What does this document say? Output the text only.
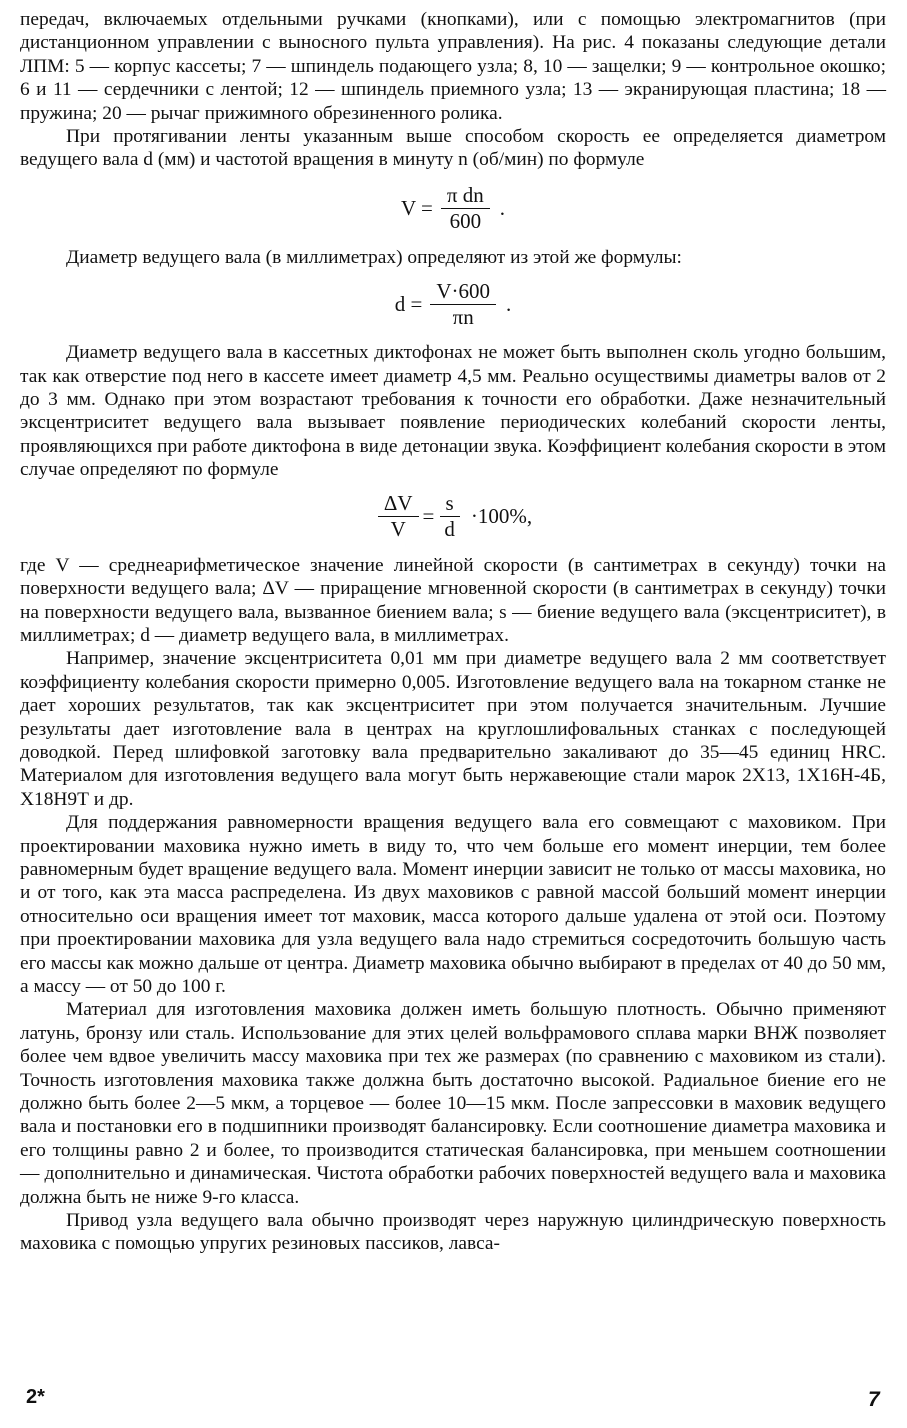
передач, включаемых отдельными ручками (кнопками), или с помощью электромагнитов (при дистанционном управлении с выносного пульта управления). На рис. 4 показаны следующие детали ЛПМ: 5 — корпус кассеты; 7 — шпиндель подающего узла; 8, 10 — защелки; 9 — контрольное окошко; 6 и 11 — сердечники с лентой; 12 — шпиндель приемного узла; 13 — экранирующая пластина; 18 — пружина; 20 — рычаг прижимного обрезиненного ролика.

При протягивании ленты указанным выше способом скорость ее определяется диаметром ведущего вала d (мм) и частотой вращения в минуту n (об/мин) по формуле

$V = \frac{\text{π dn}}{600}$ .

Диаметр ведущего вала (в миллиметрах) определяют из этой же формулы:

$d = \frac{V\cdot 600}{\pi n}$ .

Диаметр ведущего вала в кассетных диктофонах не может быть выполнен сколь угодно большим, так как отверстие под него в кассете имеет диаметр 4,5 мм. Реально осуществимы диаметры валов от 2 до 3 мм. Однако при этом возрастают требования к точности его обработки. Даже незначительный эксцентриситет ведущего вала вызывает появление периодических колебаний скорости ленты, проявляющихся при работе диктофона в виде детонации звука. Коэффициент колебания скорости в этом случае определяют по формуле

$\frac{\Delta V}{V} = \frac{s}{d} \cdot 100\%$,

где V — среднеарифметическое значение линейной скорости (в сантиметрах в секунду) точки на поверхности ведущего вала; ΔV — приращение мгновенной скорости (в сантиметрах в секунду) точки на поверхности ведущего вала, вызванное биением вала; s — биение ведущего вала (эксцентриситет), в миллиметрах; d — диаметр ведущего вала, в миллиметрах.

Например, значение эксцентриситета 0,01 мм при диаметре ведущего вала 2 мм соответствует коэффициенту колебания скорости примерно 0,005. Изготовление ведущего вала на токарном станке не дает хороших результатов, так как эксцентриситет при этом получается значительным. Лучшие результаты дает изготовление вала в центрах на круглошлифовальных станках с последующей доводкой. Перед шлифовкой заготовку вала предварительно закаливают до 35—45 единиц HRC. Материалом для изготовления ведущего вала могут быть нержавеющие стали марок 2Х13, 1Х16Н-4Б, Х18Н9Т и др.

Для поддержания равномерности вращения ведущего вала его совмещают с маховиком. При проектировании маховика нужно иметь в виду то, что чем больше его момент инерции, тем более равномерным будет вращение ведущего вала. Момент инерции зависит не только от массы маховика, но и от того, как эта масса распределена. Из двух маховиков с равной массой больший момент инерции относительно оси вращения имеет тот маховик, масса которого дальше удалена от этой оси. Поэтому при проектировании маховика для узла ведущего вала надо стремиться сосредоточить большую часть его массы как можно дальше от центра. Диаметр маховика обычно выбирают в пределах от 40 до 50 мм, а массу — от 50 до 100 г.

Материал для изготовления маховика должен иметь большую плотность. Обычно применяют латунь, бронзу или сталь. Использование для этих целей вольфрамового сплава марки ВНЖ позволяет более чем вдвое увеличить массу маховика при тех же размерах (по сравнению с маховиком из стали). Точность изготовления маховика также должна быть достаточно высокой. Радиальное биение его не должно быть более 2—5 мкм, а торцевое — более 10—15 мкм. После запрессовки в маховик ведущего вала и постановки его в подшипники производят балансировку. Если соотношение диаметра маховика и его толщины равно 2 и более, то производится статическая балансировка, при меньшем соотношении — дополнительно и динамическая. Чистота обработки рабочих поверхностей ведущего вала и маховика должна быть не ниже 9-го класса.

Привод узла ведущего вала обычно производят через наружную цилиндрическую поверхность маховика с помощью упругих резиновых пассиков, лавса-

2*	7
